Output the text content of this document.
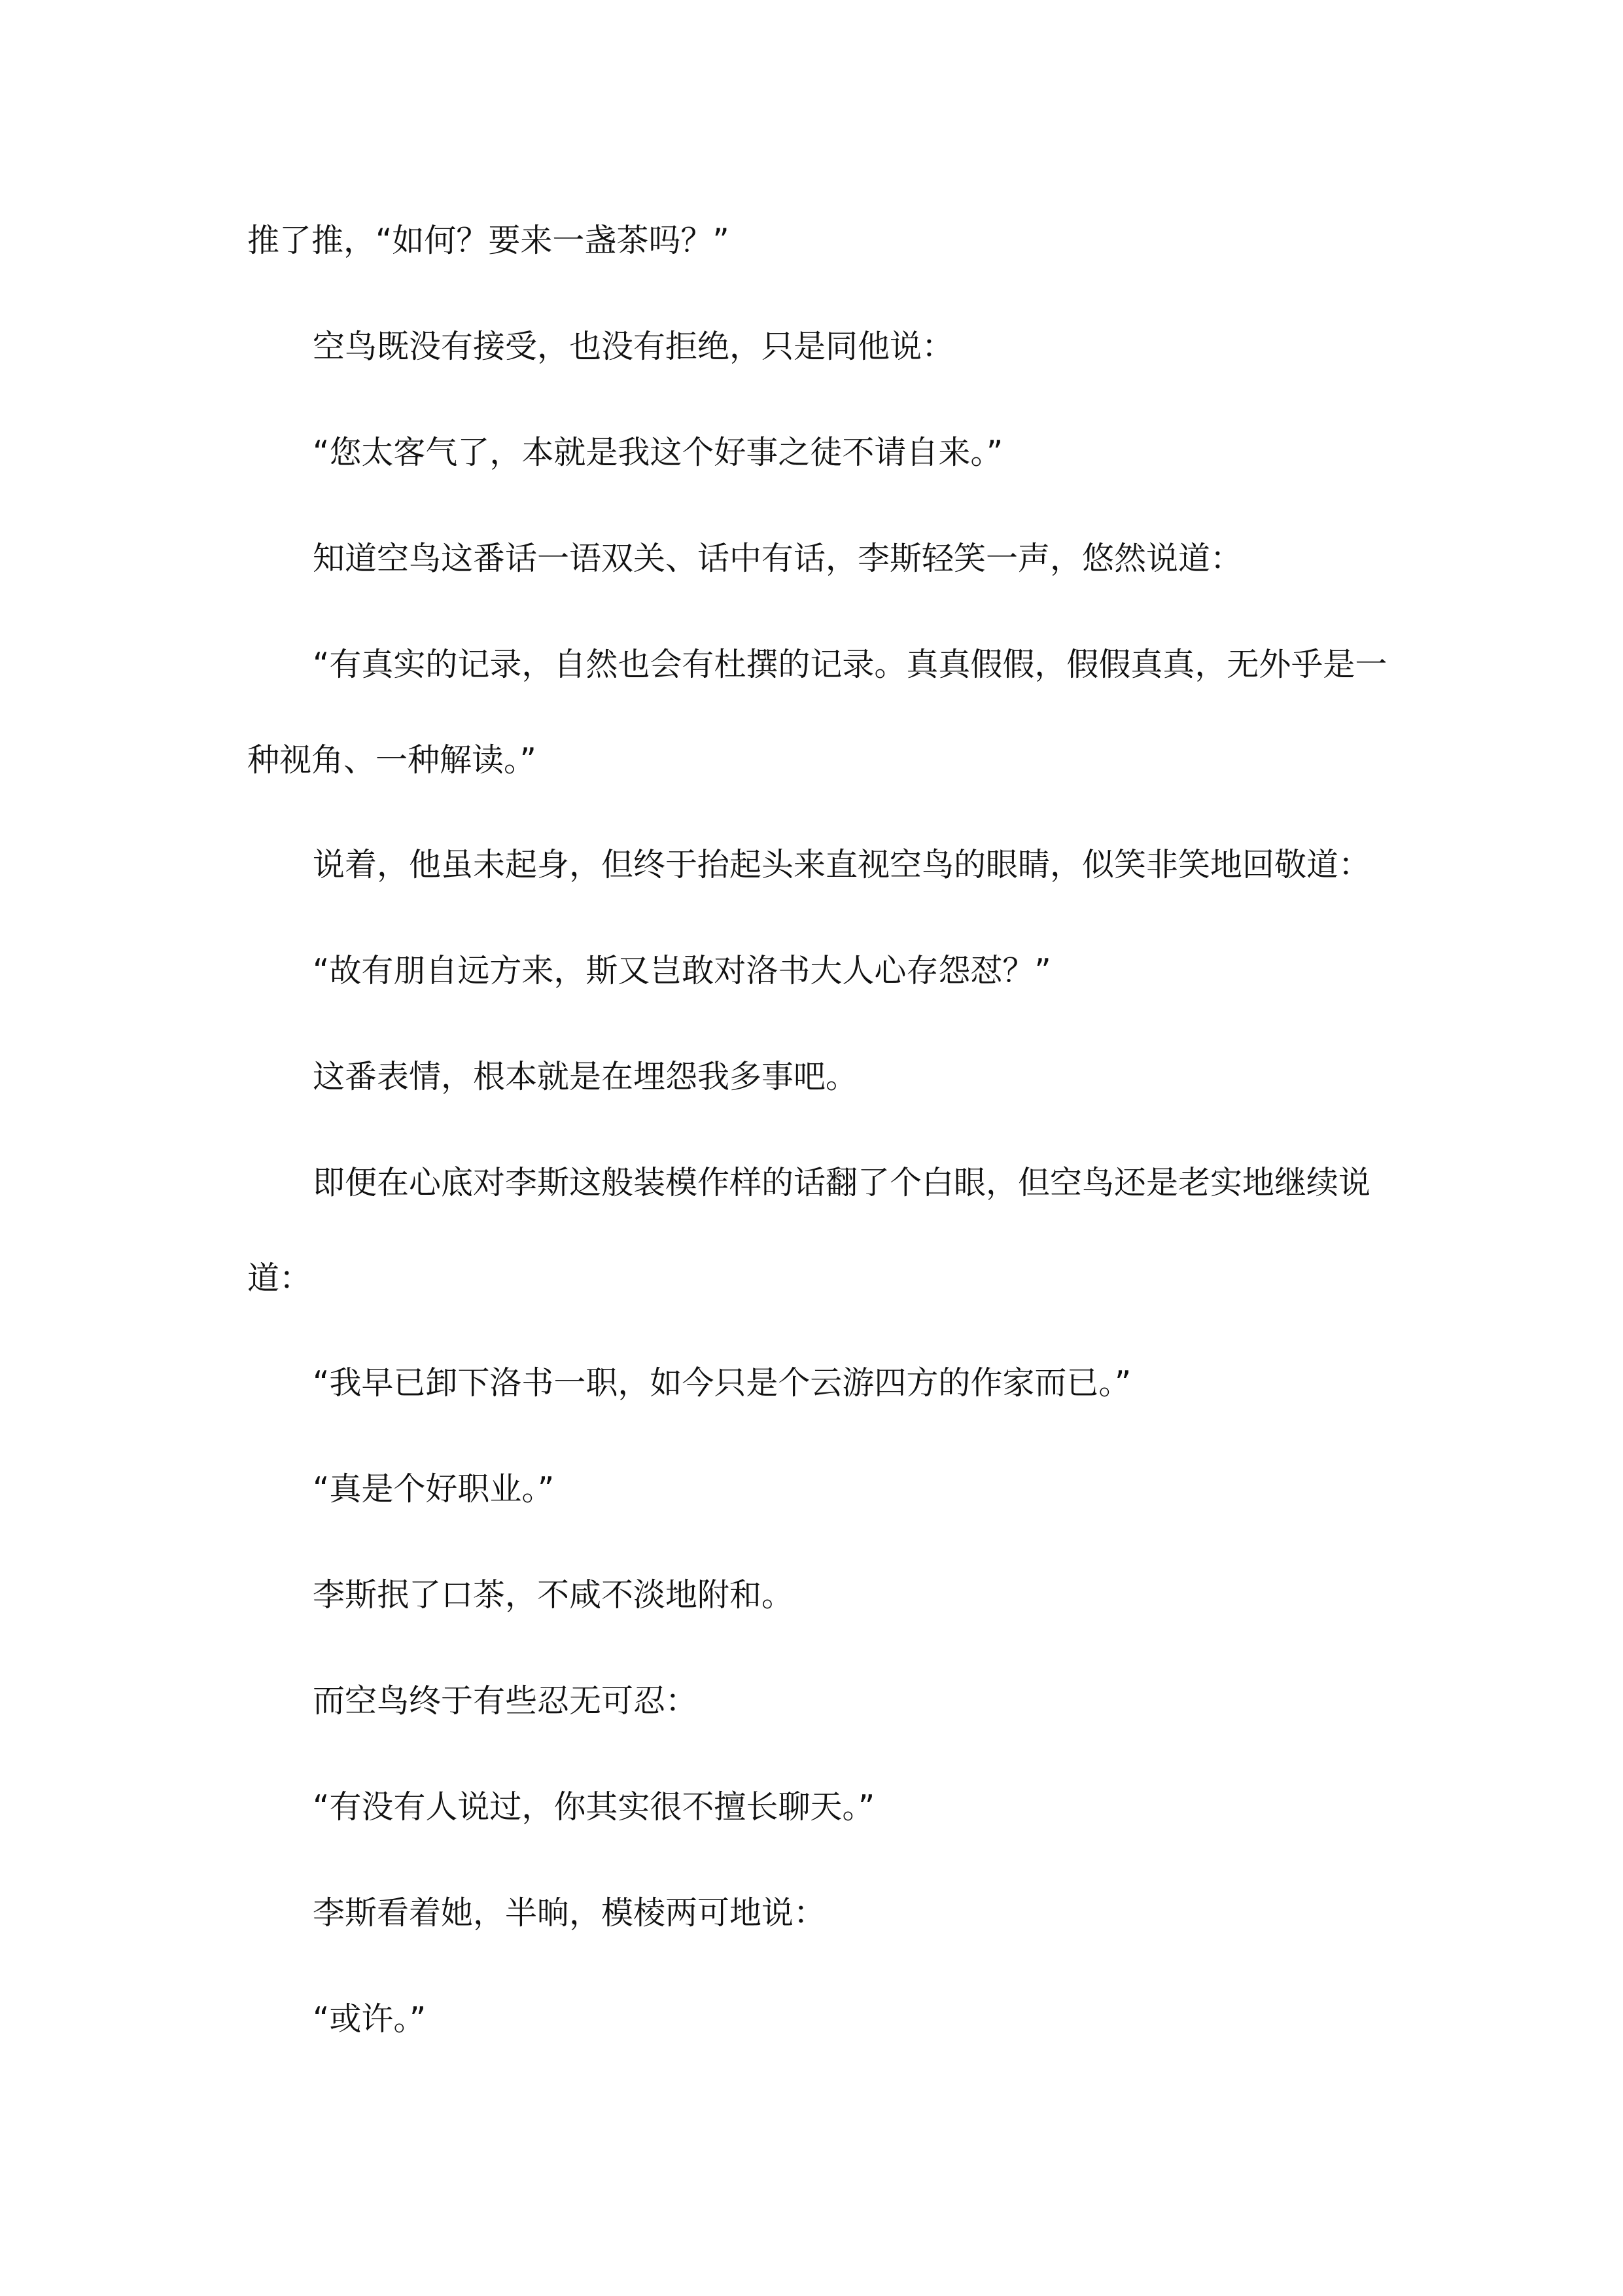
推了推，“如何？要来一盏茶吗？”

空鸟既没有接受，也没有拒绝，只是同他说：

“您太客气了，本就是我这个好事之徒不请自来。”

知道空鸟这番话一语双关、话中有话，李斯轻笑一声，悠然说道：

“有真实的记录，自然也会有杜撰的记录。真真假假，假假真真，无外乎是一

种视角、一种解读。”

说着，他虽未起身，但终于抬起头来直视空鸟的眼睛，似笑非笑地回敬道：

“故有朋自远方来，斯又岂敢对洛书大人心存怨怼？”

这番表情，根本就是在埋怨我多事吧。

即便在心底对李斯这般装模作样的话翻了个白眼，但空鸟还是老实地继续说

道：

“我早已卸下洛书一职，如今只是个云游四方的作家而已。”

“真是个好职业。”

李斯抿了口茶，不咸不淡地附和。

而空鸟终于有些忍无可忍：

“有没有人说过，你其实很不擅长聊天。”

李斯看着她，半晌，模棱两可地说：

“或许。”
